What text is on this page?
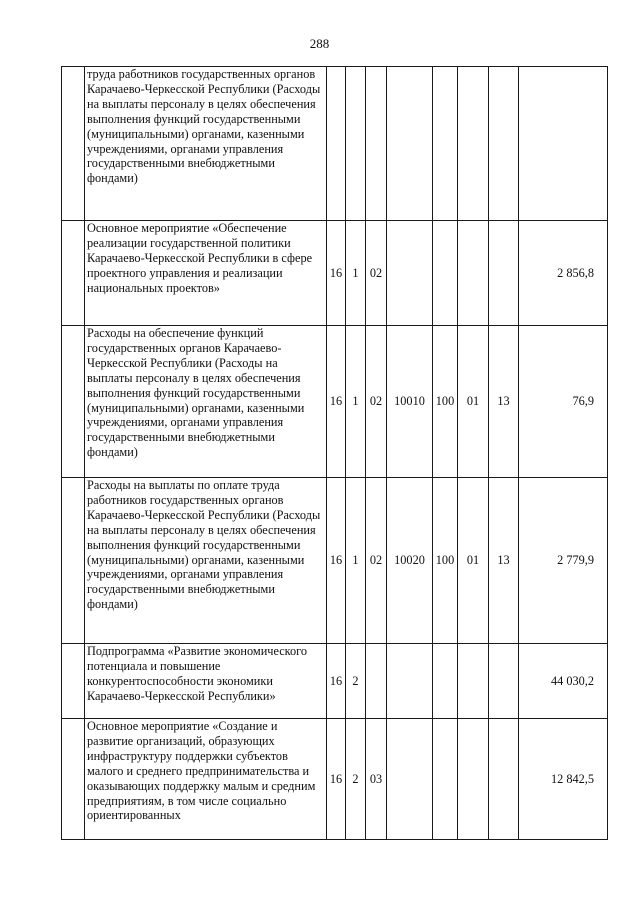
288
	труда работников государственных органов Карачаево-Черкесской Республики (Расходы на выплаты персоналу в целях обеспечения выполнения функций государственными (муниципальными) органами, казенными учреждениями, органами управления государственными внебюджетными фондами)								
	Основное мероприятие «Обеспечение реализации государственной политики Карачаево-Черкесской Республики в сфере проектного управления и реализации национальных проектов»	16	1	02					2 856,8
	Расходы на обеспечение функций государственных органов Карачаево-Черкесской Республики (Расходы на выплаты персоналу в целях обеспечения выполнения функций государственными (муниципальными) органами, казенными учреждениями, органами управления государственными внебюджетными фондами)	16	1	02	10010	100	01	13	76,9
	Расходы на выплаты по оплате труда работников государственных органов Карачаево-Черкесской Республики (Расходы на выплаты персоналу в целях обеспечения выполнения функций государственными (муниципальными) органами, казенными учреждениями, органами управления государственными внебюджетными фондами)	16	1	02	10020	100	01	13	2 779,9
	Подпрограмма «Развитие экономического потенциала и повышение конкурентоспособности экономики Карачаево-Черкесской Республики»	16	2						44 030,2
	Основное мероприятие «Создание и развитие организаций, образующих инфраструктуру поддержки субъектов малого и среднего предпринимательства и оказывающих поддержку малым и средним предприятиям, в том числе социально ориентированных	16	2	03					12 842,5
